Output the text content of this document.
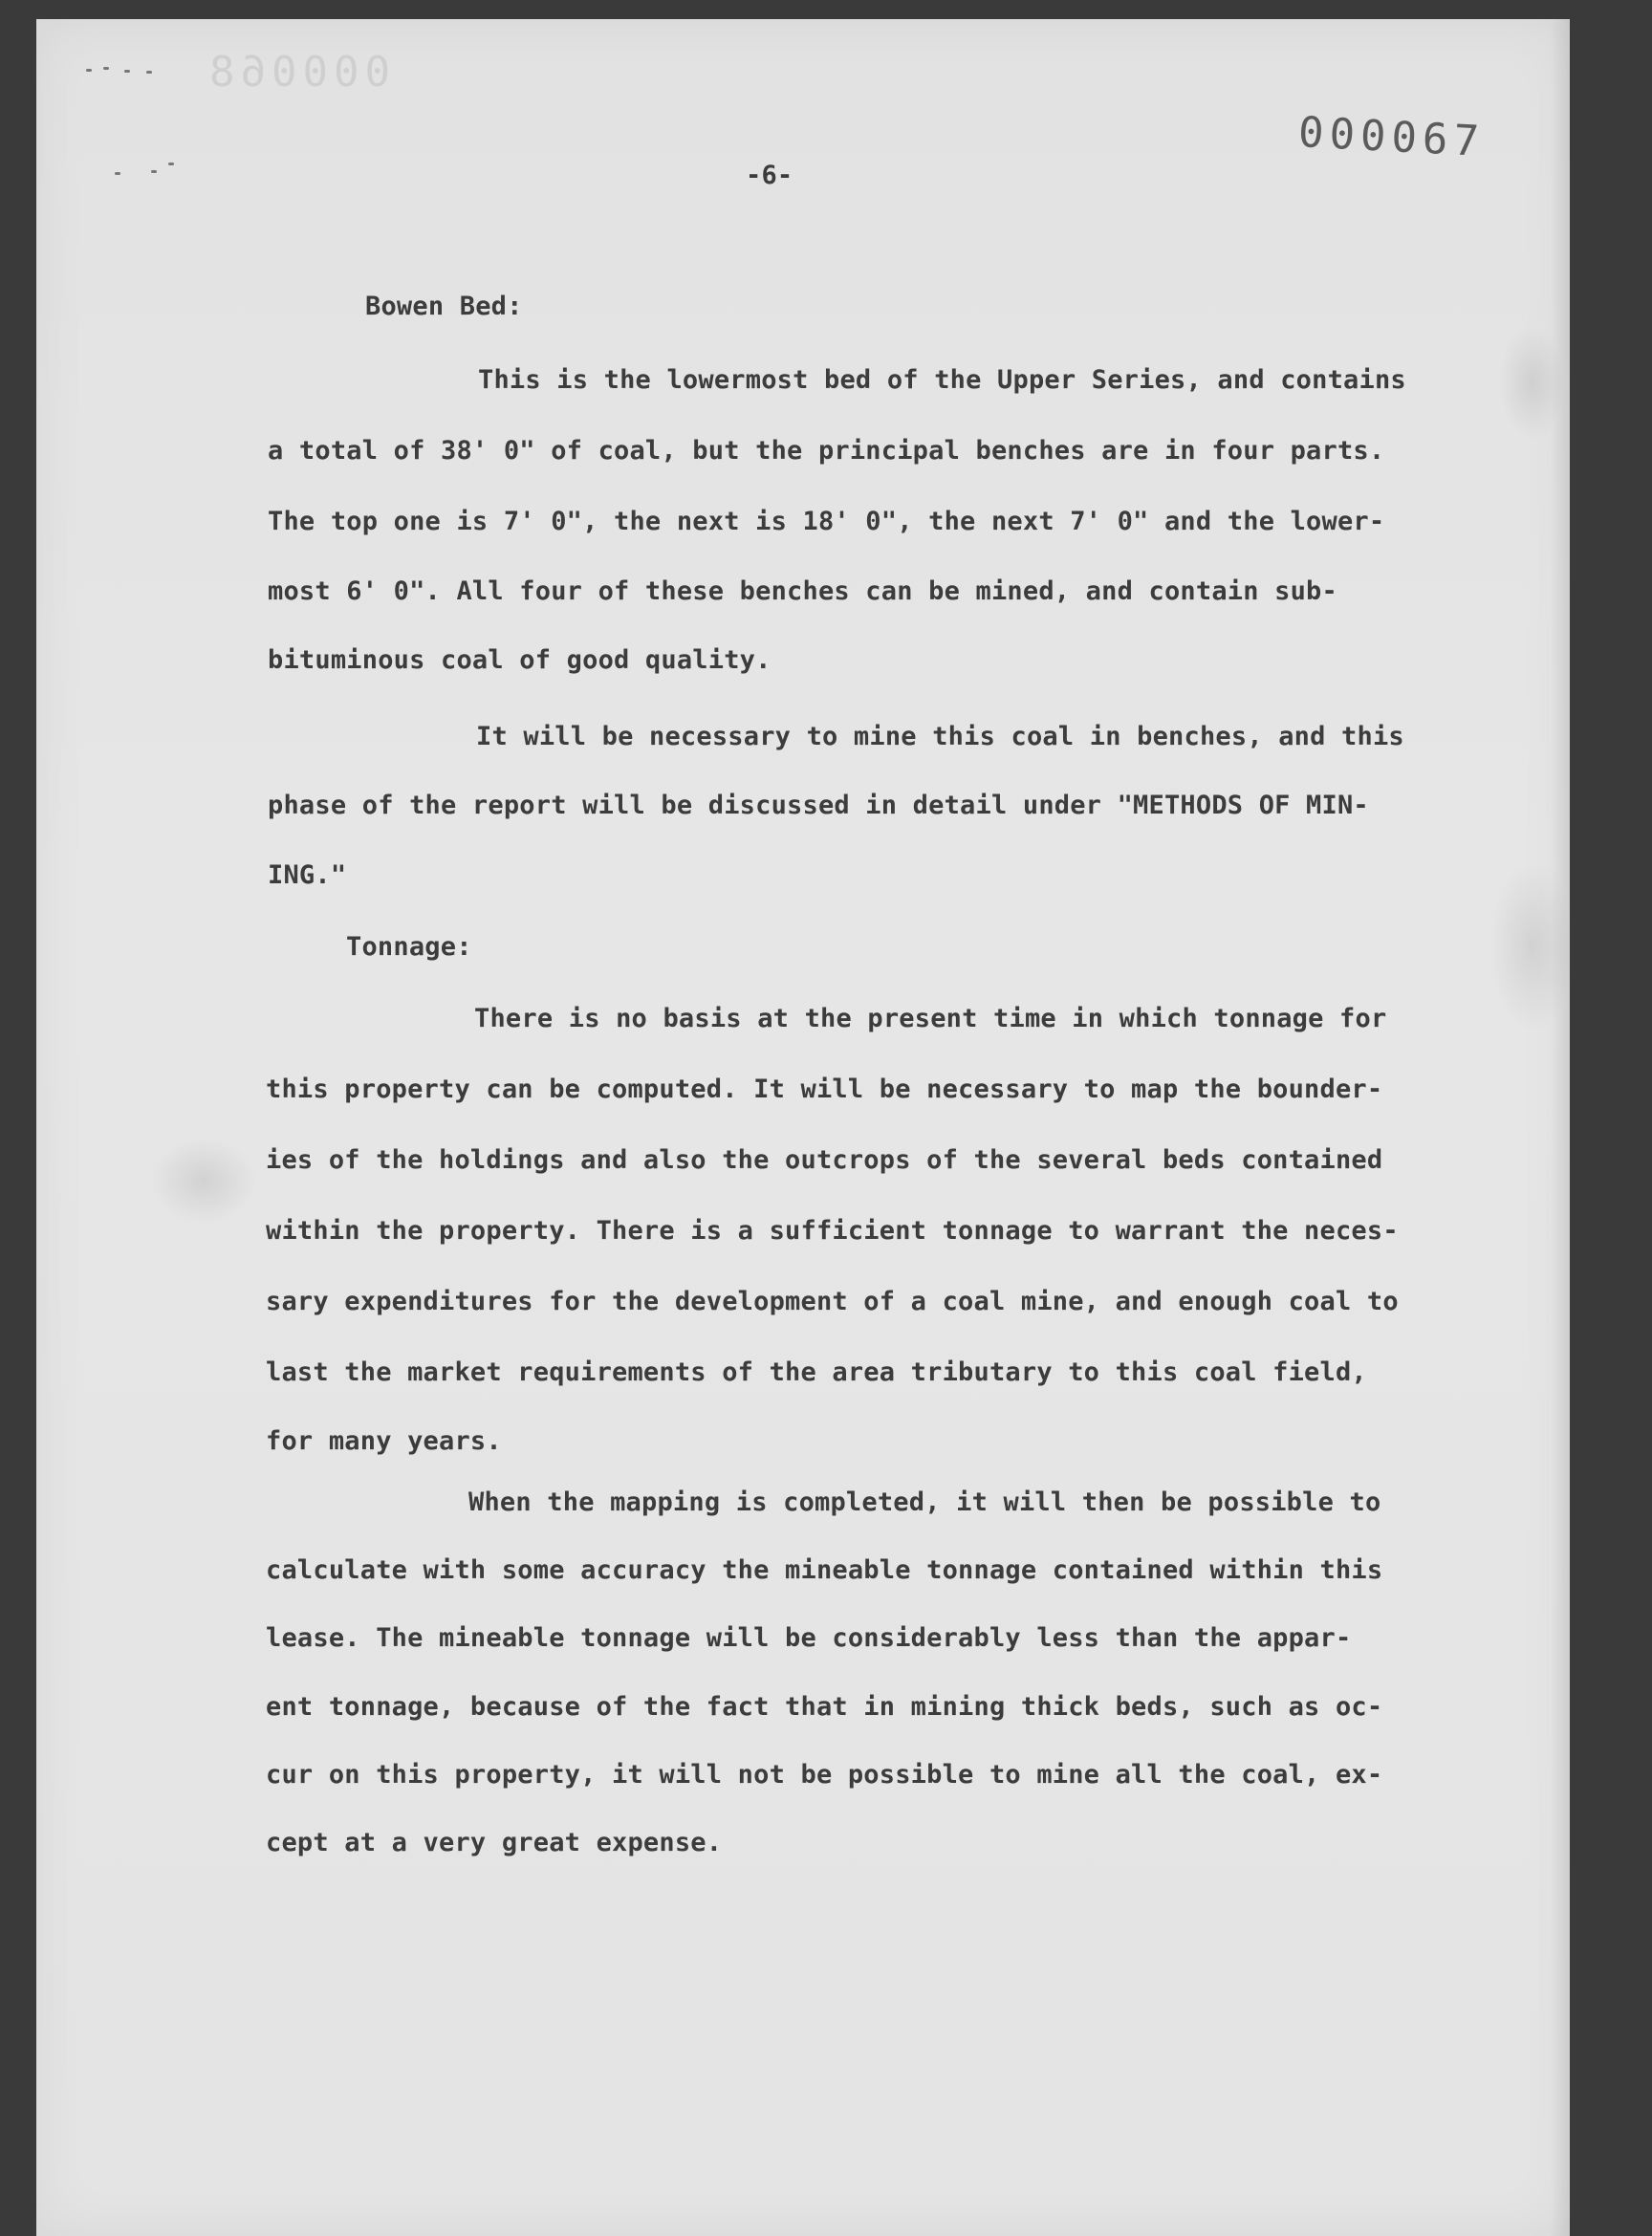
000068
000067
-6-
Bowen Bed:
This is the lowermost bed of the Upper Series, and contains
a total of 38' 0" of coal, but the principal benches are in four parts.
The top one is 7' 0", the next is 18' 0", the next 7' 0" and the lower-
most 6' 0". All four of these benches can be mined, and contain sub-
bituminous coal of good quality.
It will be necessary to mine this coal in benches, and this
phase of the report will be discussed in detail under "METHODS OF MIN-
ING."
Tonnage:
There is no basis at the present time in which tonnage for
this property can be computed. It will be necessary to map the bounder-
ies of the holdings and also the outcrops of the several beds contained
within the property. There is a sufficient tonnage to warrant the neces-
sary expenditures for the development of a coal mine, and enough coal to
last the market requirements of the area tributary to this coal field,
for many years.
When the mapping is completed, it will then be possible to
calculate with some accuracy the mineable tonnage contained within this
lease. The mineable tonnage will be considerably less than the appar-
ent tonnage, because of the fact that in mining thick beds, such as oc-
cur on this property, it will not be possible to mine all the coal, ex-
cept at a very great expense.
